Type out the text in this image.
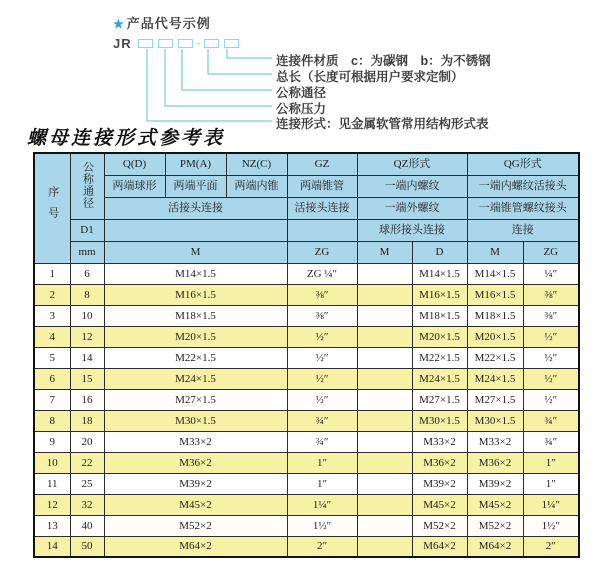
★ 产品代号示例
JR	-
连接件材质　c：为碳钢　b：为不锈钢
总长（长度可根据用户要求定制）
公称通径
公称压力
连接形式：见金属软管常用结构形式表
螺母连接形式参考表
序号	公称通径	Q(D)	PM(A)	NZ(C)	GZ	QZ形式		QG形式	
		两端球形	两端平面	两端内锥	两端锥管	一端内螺纹		一端内螺纹活接头	
		活接头连接			活接头连接	一端外螺纹		一端锥管螺纹接头	
	D1					球形接头连接		连接	
	mm	M			ZG	M	D	M	ZG
1	6	M14×1.5			ZG ¼″		M14×1.5	M14×1.5	¼″
2	8	M16×1.5			⅜″		M16×1.5	M16×1.5	⅜″
3	10	M18×1.5			⅜″		M18×1.5	M18×1.5	⅜″
4	12	M20×1.5			½″		M20×1.5	M20×1.5	½″
5	14	M22×1.5			½″		M22×1.5	M22×1.5	½″
6	15	M24×1.5			½″		M24×1.5	M24×1.5	½″
7	16	M27×1.5			½″		M27×1.5	M27×1.5	½″
8	18	M30×1.5			¾″		M30×1.5	M30×1.5	¾″
9	20	M33×2			¾″		M33×2	M33×2	¾″
10	22	M36×2			1″		M36×2	M36×2	1″
11	25	M39×2			1″		M39×2	M39×2	1″
12	32	M45×2			1¼″		M45×2	M45×2	1¼″
13	40	M52×2			1½″		M52×2	M52×2	1½″
14	50	M64×2			2″		M64×2	M64×2	2″
